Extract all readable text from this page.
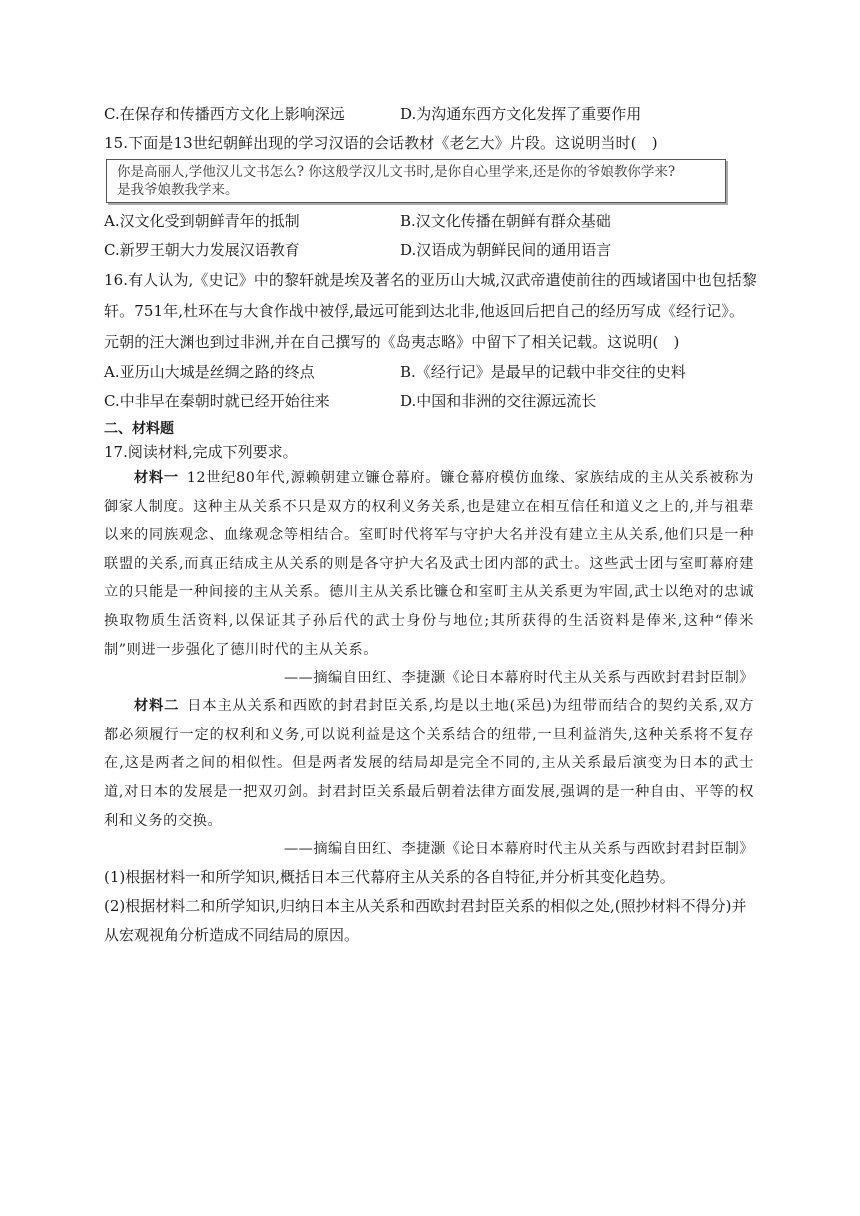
C.在保存和传播西方文化上影响深远	D.为沟通东西方文化发挥了重要作用
15.下面是13世纪朝鲜出现的学习汉语的会话教材《老乞大》片段。这说明当时(　)
你是高丽人,学他汉儿文书怎么? 你这般学汉儿文书时,是你自心里学来,还是你的爷娘教你学来?
是我爷娘教我学来。
A.汉文化受到朝鲜青年的抵制	B.汉文化传播在朝鲜有群众基础
C.新罗王朝大力发展汉语教育	D.汉语成为朝鲜民间的通用语言
16.有人认为,《史记》中的黎轩就是埃及著名的亚历山大城,汉武帝遣使前往的西域诸国中也包括黎
轩。751年,杜环在与大食作战中被俘,最远可能到达北非,他返回后把自己的经历写成《经行记》。
元朝的汪大渊也到过非洲,并在自己撰写的《岛夷志略》中留下了相关记载。这说明(　)
A.亚历山大城是丝绸之路的终点	B.《经行记》是最早的记载中非交往的史料
C.中非早在秦朝时就已经开始往来	D.中国和非洲的交往源远流长
二、材料题
17.阅读材料,完成下列要求。
材料一 12世纪80年代,源赖朝建立镰仓幕府。镰仓幕府模仿血缘、家族结成的主从关系被称为御家人制度。这种主从关系不只是双方的权利义务关系,也是建立在相互信任和道义之上的,并与祖辈以来的同族观念、血缘观念等相结合。室町时代将军与守护大名并没有建立主从关系,他们只是一种联盟的关系,而真正结成主从关系的则是各守护大名及武士团内部的武士。这些武士团与室町幕府建立的只能是一种间接的主从关系。德川主从关系比镰仓和室町主从关系更为牢固,武士以绝对的忠诚换取物质生活资料,以保证其子孙后代的武士身份与地位;其所获得的生活资料是俸米,这种“俸米制”则进一步强化了德川时代的主从关系。
——摘编自田红、李捷灏《论日本幕府时代主从关系与西欧封君封臣制》
材料二 日本主从关系和西欧的封君封臣关系,均是以土地(采邑)为纽带而结合的契约关系,双方都必须履行一定的权利和义务,可以说利益是这个关系结合的纽带,一旦利益消失,这种关系将不复存在,这是两者之间的相似性。但是两者发展的结局却是完全不同的,主从关系最后演变为日本的武士道,对日本的发展是一把双刃剑。封君封臣关系最后朝着法律方面发展,强调的是一种自由、平等的权利和义务的交换。
——摘编自田红、李捷灏《论日本幕府时代主从关系与西欧封君封臣制》
(1)根据材料一和所学知识,概括日本三代幕府主从关系的各自特征,并分析其变化趋势。
(2)根据材料二和所学知识,归纳日本主从关系和西欧封君封臣关系的相似之处,(照抄材料不得分)并
从宏观视角分析造成不同结局的原因。
